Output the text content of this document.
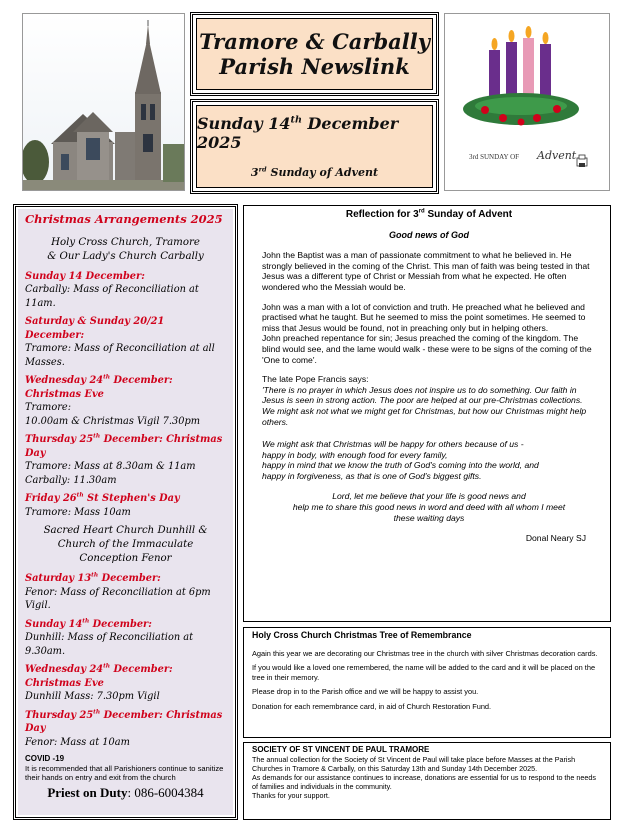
Tramore & Carbally
Parish Newslink
Sunday 14th December 2025
3rd Sunday of Advent
3rd SUNDAY OF Advent
Christmas Arrangements 2025
Holy Cross Church, Tramore
& Our Lady's Church Carbally
Sunday 14 December:
Carbally: Mass of Reconciliation at 11am.
Saturday & Sunday 20/21 December:
Tramore: Mass of Reconciliation at all Masses.
Wednesday 24th December: Christmas Eve
Tramore:
10.00am & Christmas Vigil 7.30pm
Thursday 25th December: Christmas Day
Tramore: Mass at 8.30am & 11am
Carbally: 11.30am
Friday 26th St Stephen's Day
Tramore: Mass 10am
Sacred Heart Church Dunhill &
Church of the Immaculate
Conception Fenor
Saturday 13th December:
Fenor: Mass of Reconciliation at 6pm Vigil.
Sunday 14th December:
Dunhill: Mass of Reconciliation at 9.30am.
Wednesday 24th December: Christmas Eve
Dunhill Mass: 7.30pm Vigil
Thursday 25th December: Christmas Day
Fenor: Mass at 10am
COVID -19
It is recommended that all Parishioners continue to sanitize their hands on entry and exit from the church
Priest on Duty: 086-6004384
Reflection for 3rd Sunday of Advent
Good news of God

John the Baptist was a man of passionate commitment to what he believed in. He strongly believed in the coming of the Christ. This man of faith was being tested in that Jesus was a different type of Christ or Messiah from what he expected. He often wondered who the Messiah would be.

John was a man with a lot of conviction and truth. He preached what he believed and practised what he taught. But he seemed to miss the point sometimes. He seemed to miss that Jesus would be found, not in preaching only but in helping others.

John preached repentance for sin; Jesus preached the coming of the kingdom. The blind would see, and the lame would walk - these were to be signs of the coming of the 'One to come'.

The late Pope Francis says:
'There is no prayer in which Jesus does not inspire us to do something. Our faith in Jesus is seen in strong action. The poor are helped at our pre-Christmas collections.
We might ask not what we might get for Christmas, but how our Christmas might help others.

We might ask that Christmas will be happy for others because of us -
happy in body, with enough food for every family,
happy in mind that we know the truth of God's coming into the world, and
happy in forgiveness, as that is one of God's biggest gifts.

Lord, let me believe that your life is good news and
help me to share this good news in word and deed with all whom I meet
these waiting days
Donal Neary SJ
Holy Cross Church Christmas Tree of Remembrance

Again this year we are decorating our Christmas tree in the church with silver Christmas decoration cards.

If you would like a loved one remembered, the name will be added to the card and it will be placed on the tree in their memory.

Please drop in to the Parish office and we will be happy to assist you.

Donation for each remembrance card, in aid of Church Restoration Fund.

SOCIETY OF ST VINCENT DE PAUL TRAMORE

The annual collection for the Society of St Vincent de Paul will take place before Masses at the Parish Churches in Tramore & Carbally, on this Saturday 13th and Sunday 14th December 2025.

As demands for our assistance continues to increase, donations are essential for us to respond to the needs of families and individuals in the community.

Thanks for your support.
